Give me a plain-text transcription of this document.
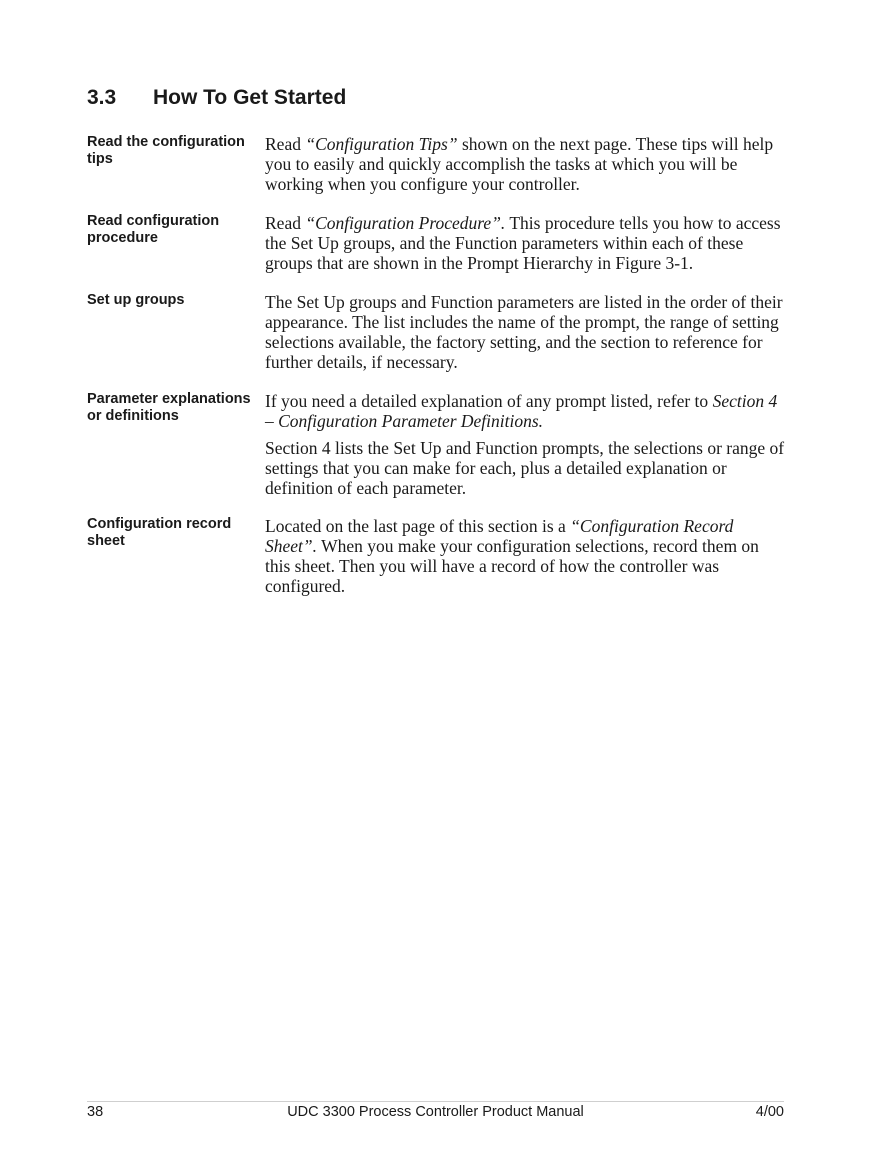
3.3 How To Get Started
Read the configuration tips

Read “Configuration Tips” shown on the next page. These tips will help you to easily and quickly accomplish the tasks at which you will be working when you configure your controller.

Read configuration procedure

Read “Configuration Procedure”. This procedure tells you how to access the Set Up groups, and the Function parameters within each of these groups that are shown in the Prompt Hierarchy in Figure 3-1.

Set up groups	The Set Up groups and Function parameters are listed in the order of their appearance. The list includes the name of the prompt, the range of setting selections available, the factory setting, and the section to reference for further details, if necessary.

Parameter explanations or definitions

If you need a detailed explanation of any prompt listed, refer to Section 4 – Configuration Parameter Definitions.

Section 4 lists the Set Up and Function prompts, the selections or range of settings that you can make for each, plus a detailed explanation or definition of each parameter.

Configuration record sheet

Located on the last page of this section is a “Configuration Record Sheet”. When you make your configuration selections, record them on this sheet. Then you will have a record of how the controller was configured.

UDC 3300 Process Controller Product Manual
38	4/00
